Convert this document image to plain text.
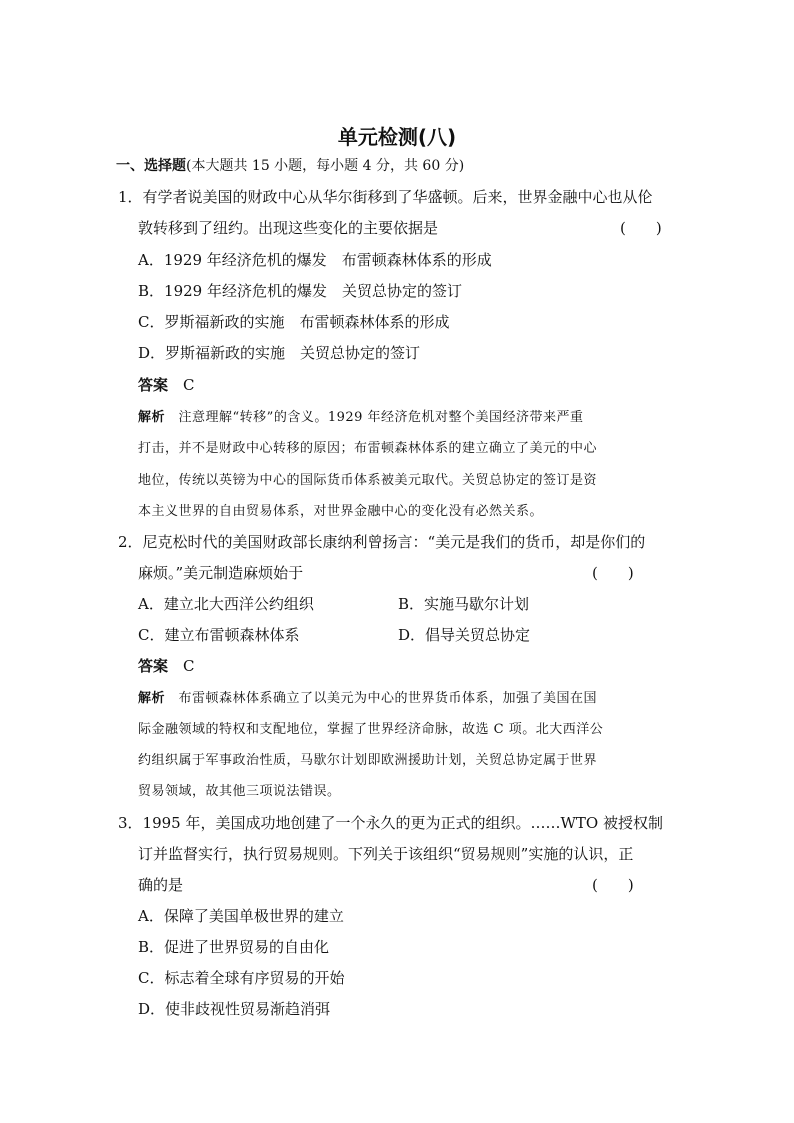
单元检测(八)
一、选择题(本大题共 15 小题，每小题 4 分，共 60 分)
1．有学者说美国的财政中心从华尔街移到了华盛顿。后来，世界金融中心也从伦
敦转移到了纽约。出现这些变化的主要依据是	(　　)
A．1929 年经济危机的爆发　布雷顿森林体系的形成
B．1929 年经济危机的爆发　关贸总协定的签订
C．罗斯福新政的实施　布雷顿森林体系的形成
D．罗斯福新政的实施　关贸总协定的签订
答案　 C
解析　 注意理解“转移”的含义。1929 年经济危机对整个美国经济带来严重
打击，并不是财政中心转移的原因；布雷顿森林体系的建立确立了美元的中心
地位，传统以英镑为中心的国际货币体系被美元取代。关贸总协定的签订是资
本主义世界的自由贸易体系，对世界金融中心的变化没有必然关系。
2．尼克松时代的美国财政部长康纳利曾扬言：“美元是我们的货币，却是你们的
麻烦。”美元制造麻烦始于	(　　)
A．建立北大西洋公约组织	B．实施马歇尔计划
C．建立布雷顿森林体系	D．倡导关贸总协定
答案　 C
解析　 布雷顿森林体系确立了以美元为中心的世界货币体系，加强了美国在国
际金融领域的特权和支配地位，掌握了世界经济命脉，故选 C 项。北大西洋公
约组织属于军事政治性质，马歇尔计划即欧洲援助计划，关贸总协定属于世界
贸易领域，故其他三项说法错误。
3．1995 年，美国成功地创建了一个永久的更为正式的组织。……WTO 被授权制
订并监督实行，执行贸易规则。下列关于该组织“贸易规则”实施的认识，正
确的是	(　　)
A．保障了美国单极世界的建立
B．促进了世界贸易的自由化
C．标志着全球有序贸易的开始
D．使非歧视性贸易渐趋消弭
